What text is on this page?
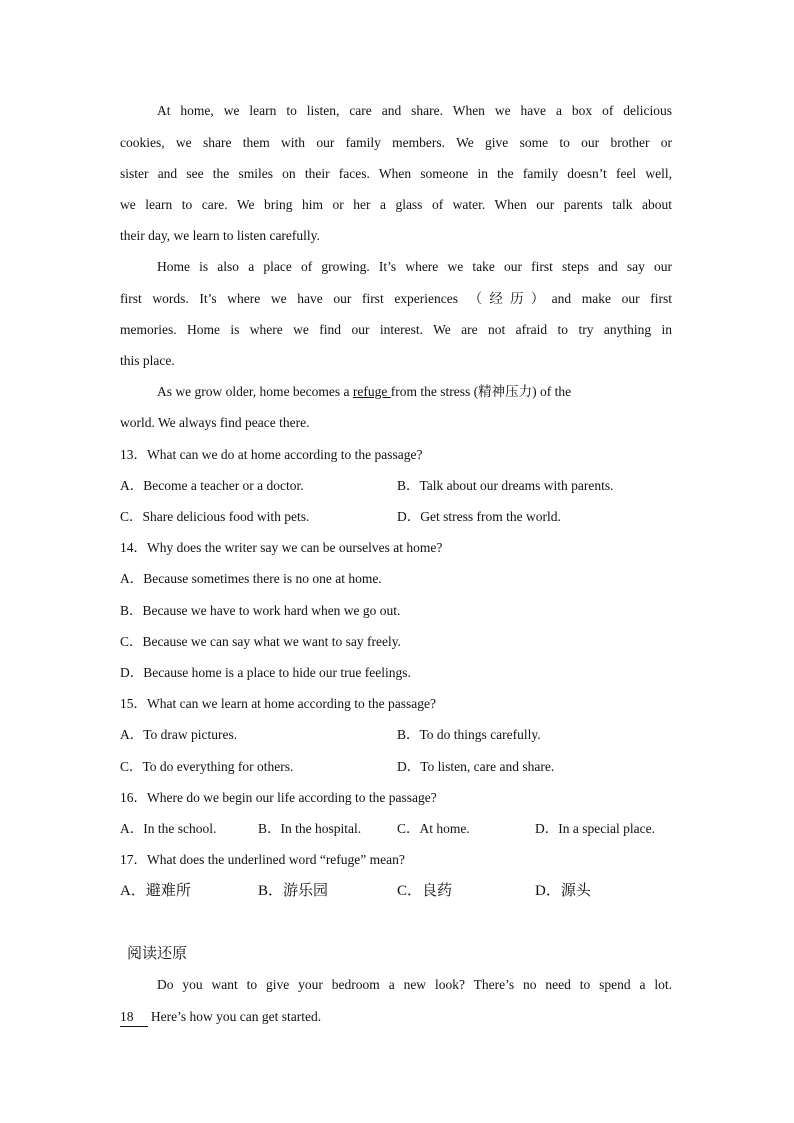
At home, we learn to listen, care and share. When we have a box of delicious
cookies, we share them with our family members. We give some to our brother or
sister and see the smiles on their faces. When someone in the family doesn’t feel well,
we learn to care. We bring him or her a glass of water. When our parents talk about
their day, we learn to listen carefully.
Home is also a place of growing. It’s where we take our first steps and say our
first words. It’s where we have our first experiences （经历）and make our first
memories. Home is where we find our interest. We are not afraid to try anything in
this place.
As we grow older, home becomes a refuge from the stress (精神压力) of the
world. We always find peace there.
13．What can we do at home according to the passage?
A．Become a teacher or a doctor.	B．Talk about our dreams with parents.
C．Share delicious food with pets.	D．Get stress from the world.
14．Why does the writer say we can be ourselves at home?
A．Because sometimes there is no one at home.
B．Because we have to work hard when we go out.
C．Because we can say what we want to say freely.
D．Because home is a place to hide our true feelings.
15．What can we learn at home according to the passage?
A．To draw pictures.	B．To do things carefully.
C．To do everything for others.	D．To listen, care and share.
16．Where do we begin our life according to the passage?
A．In the school.	B．In the hospital.	C．At home.	D．In a special place.
17．What does the underlined word “refuge” mean?
A．避难所	B．游乐园	C．良药	D．源头
阅读还原
Do you want to give your bedroom a new look? There’s no need to spend a lot.
18 Here’s how you can get started.
